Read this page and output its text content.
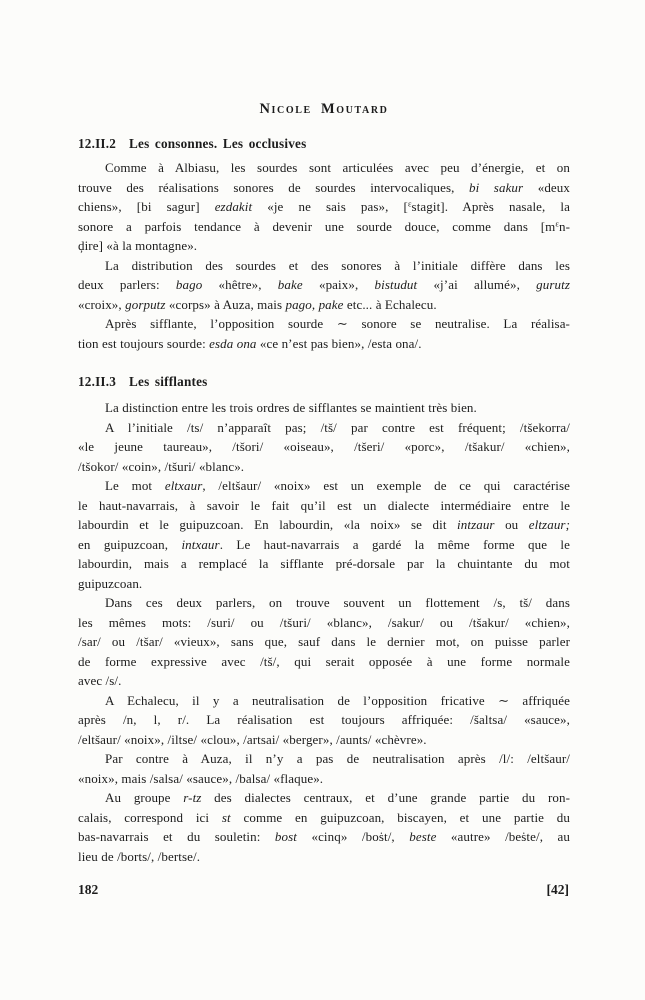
Nicole Moutard
12.II.2 Les consonnes. Les occlusives
Comme à Albiasu, les sourdes sont articulées avec peu d’énergie, et on
trouve des réalisations sonores de sourdes intervocaliques, bi sakur «deux
chiens», [bi sagur] ezdakit «je ne sais pas», [$^\varepsilon$stagit]. Après nasale, la
sonore a parfois tendance à devenir une sourde douce, comme dans [$m^\varepsilon n-$
ḑire] «à la montagne».
La distribution des sourdes et des sonores à l’initiale diffère dans les
deux parlers: bago «hêtre», bake «paix», bistudut «j’ai allumé», gurutz
«croix», gorputz «corps» à Auza, mais pago, pake etc... à Echalecu.
Après sifflante, l’opposition sourde ∼ sonore se neutralise. La réalisa-
tion est toujours sourde: esda ona «ce n’est pas bien», /esta ona/.
12.II.3 Les sifflantes
La distinction entre les trois ordres de sifflantes se maintient très bien.
A l’initiale /ts/ n’apparaît pas; /tš/ par contre est fréquent; /tšekorra/
«le jeune taureau», /tšori/ «oiseau», /tšeri/ «porc», /tšakur/ «chien»,
/tšokor/ «coin», /tšuri/ «blanc».
Le mot eltxaur, /eltšaur/ «noix» est un exemple de ce qui caractérise
le haut-navarrais, à savoir le fait qu’il est un dialecte intermédiaire entre le
labourdin et le guipuzcoan. En labourdin, «la noix» se dit intzaur ou eltzaur;
en guipuzcoan, intxaur. Le haut-navarrais a gardé la même forme que le
labourdin, mais a remplacé la sifflante pré-dorsale par la chuintante du mot
guipuzcoan.
Dans ces deux parlers, on trouve souvent un flottement /s, tš/ dans
les mêmes mots: /suri/ ou /tšuri/ «blanc», /sakur/ ou /tšakur/ «chien»,
/sar/ ou /tšar/ «vieux», sans que, sauf dans le dernier mot, on puisse parler
de forme expressive avec /tš/, qui serait opposée à une forme normale
avec /s/.
A Echalecu, il y a neutralisation de l’opposition fricative ∼ affriquée
après /n, l, r/. La réalisation est toujours affriquée: /šaltsa/ «sauce»,
/eltšaur/ «noix», /iltse/ «clou», /artsai/ «berger», /aunts/ «chèvre».
Par contre à Auza, il n’y a pas de neutralisation après /l/: /eltšaur/
«noix», mais /salsa/ «sauce», /balsa/ «flaque».
Au groupe r-tz des dialectes centraux, et d’une grande partie du ron-
calais, correspond ici st comme en guipuzcoan, biscayen, et une partie du
bas-navarrais et du souletin: bost «cinq» /boṡt/, beste «autre» /beṡte/, au
lieu de /borts/, /bertse/.
182	[42]
